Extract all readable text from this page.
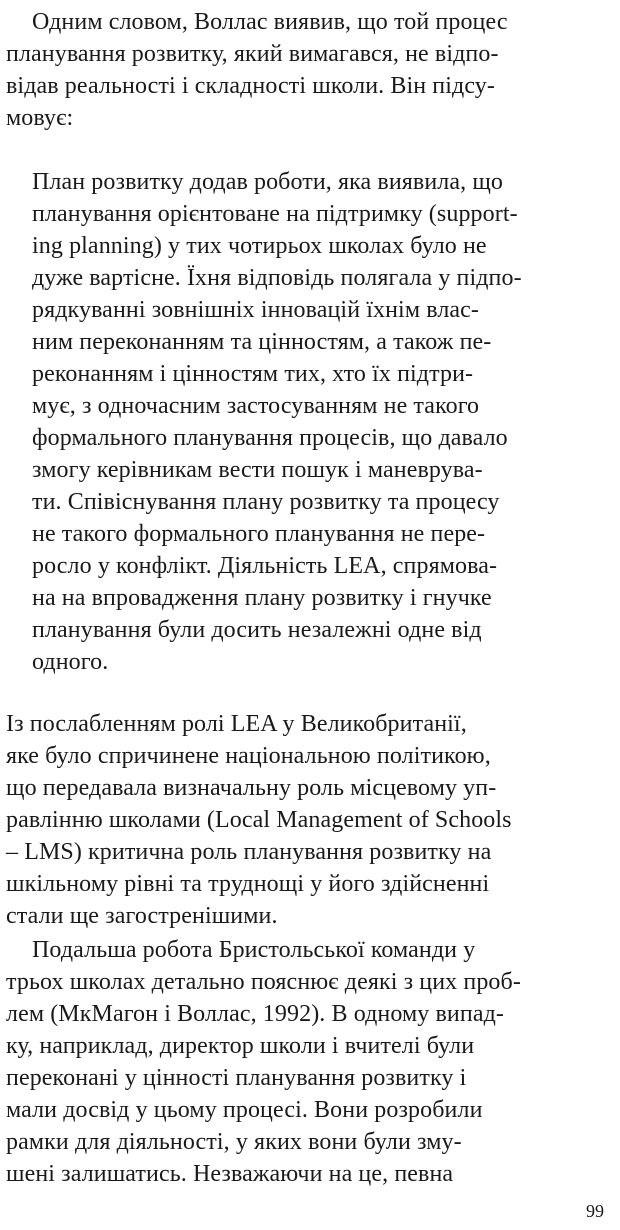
Одним словом, Воллас виявив, що той процес
планування розвитку, який вимагався, не відпо-
відав реальності і складності школи. Він підсу-
мовує:
План розвитку додав роботи, яка виявила, що
планування орієнтоване на підтримку (support-
ing planning) у тих чотирьох школах було не
дуже вартісне. Їхня відповідь полягала у підпо-
рядкуванні зовнішніх інновацій їхнім влас-
ним переконанням та цінностям, а також пе-
реконанням і цінностям тих, хто їх підтри-
мує, з одночасним застосуванням не такого
формального планування процесів, що давало
змогу керівникам вести пошук і маневрува-
ти. Співіснування плану розвитку та процесу
не такого формального планування не пере-
росло у конфлікт. Діяльність LEA, спрямова-
на на впровадження плану розвитку і гнучке
планування були досить незалежні одне від
одного.
Із послабленням ролі LEA у Великобританії,
яке було спричинене національною політикою,
що передавала визначальну роль місцевому уп-
равлінню школами (Local Management of Schools
– LMS) критична роль планування розвитку на
шкільному рівні та труднощі у його здійсненні
стали ще загостренішими.
Подальша робота Бристольської команди у
трьох школах детально пояснює деякі з цих проб-
лем (МкМагон і Воллас, 1992). В одному випад-
ку, наприклад, директор школи і вчителі були
переконані у цінності планування розвитку і
мали досвід у цьому процесі. Вони розробили
рамки для діяльності, у яких вони були зму-
шені залишатись. Незважаючи на це, певна
99
